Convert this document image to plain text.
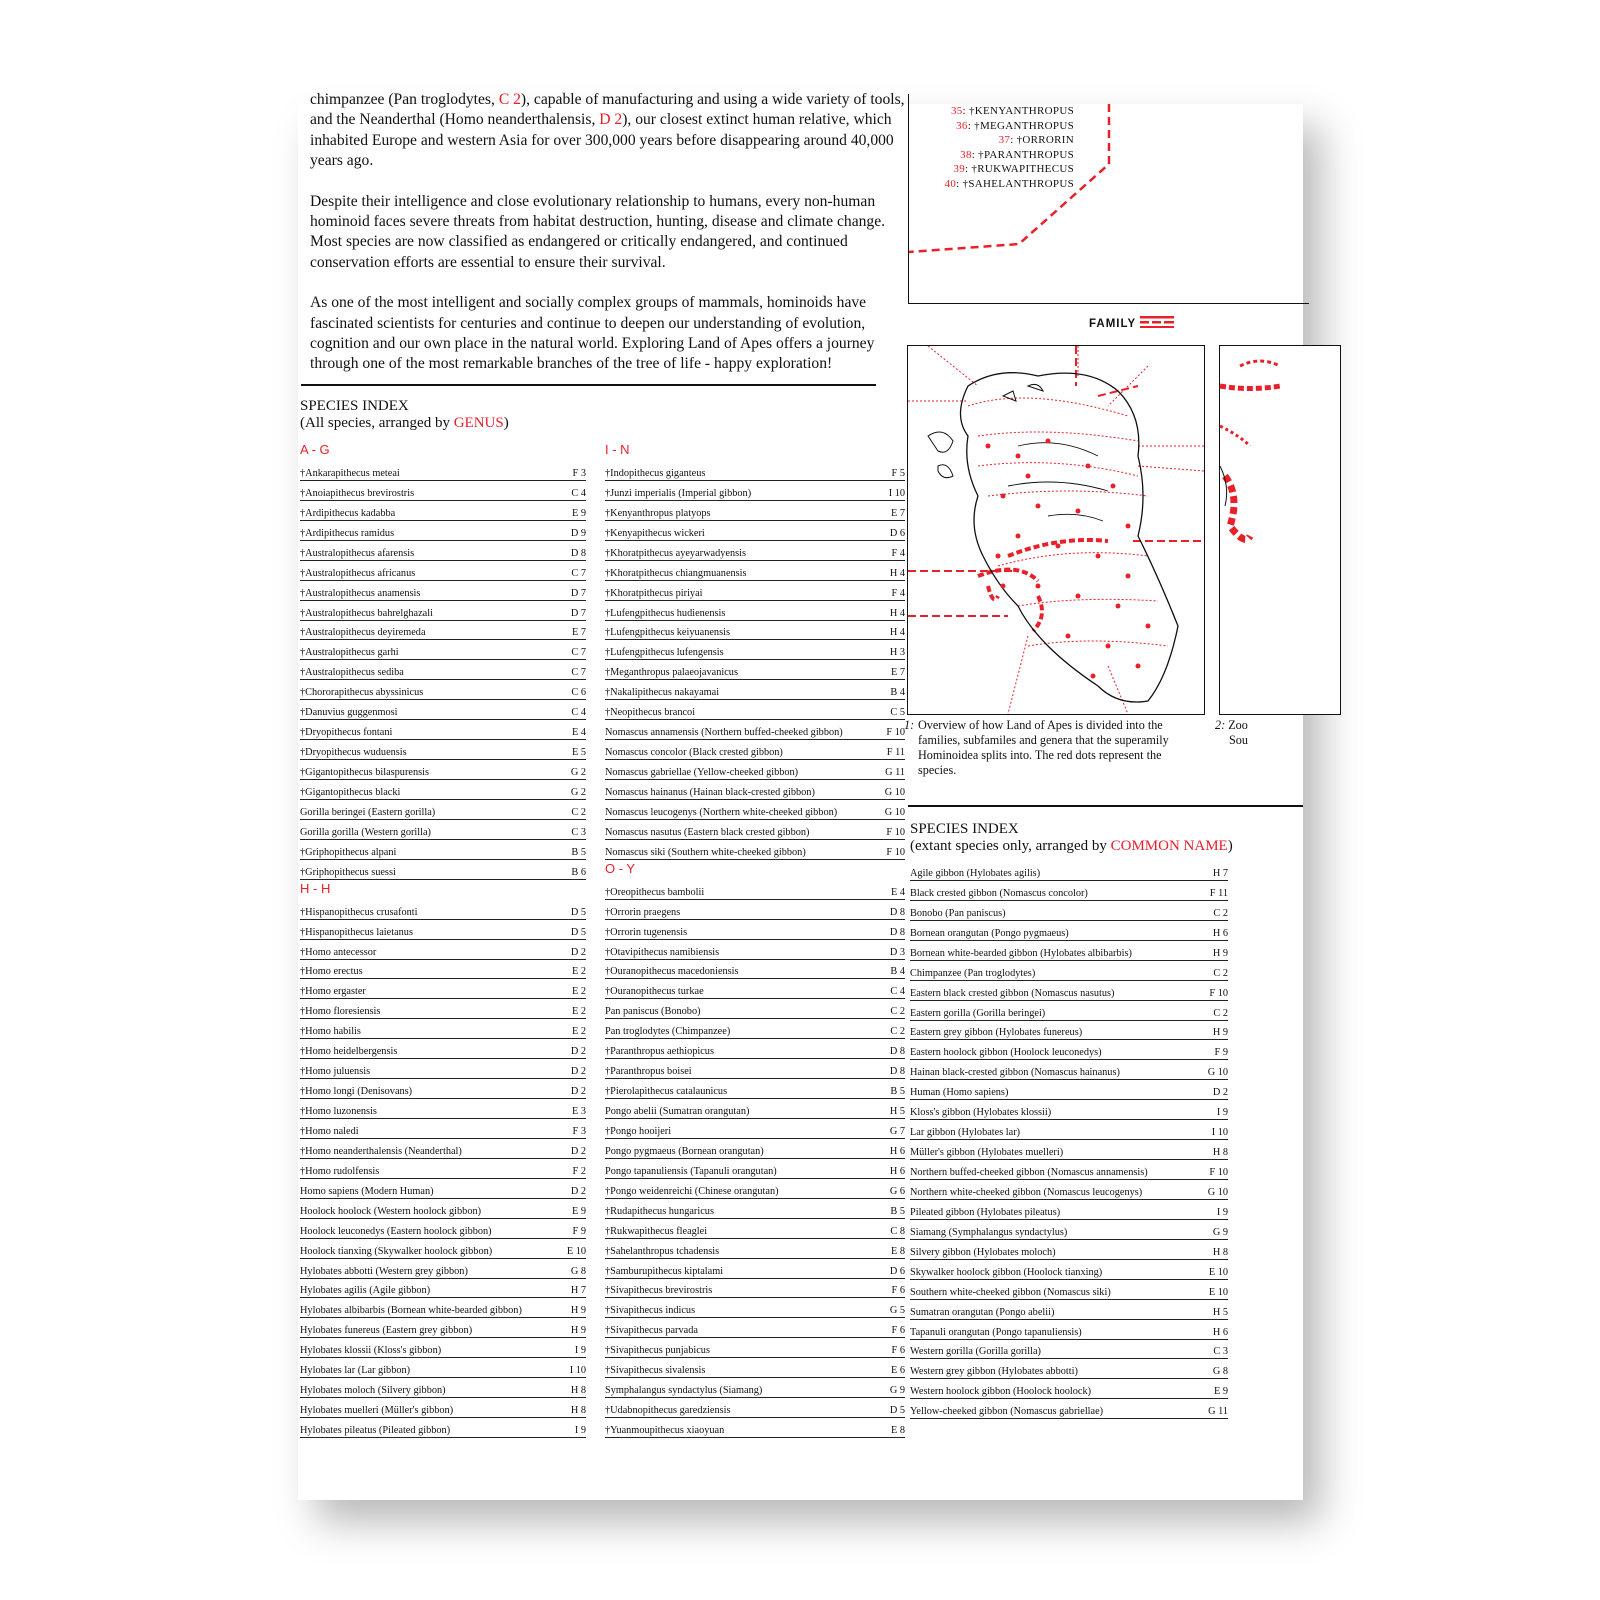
chimpanzee (Pan troglodytes, C 2), capable of manufacturing and using a wide variety of tools, and the Neanderthal (Homo neanderthalensis, D 2), our closest extinct human relative, which inhabited Europe and western Asia for over 300,000 years before disappearing around 40,000 years ago.

Despite their intelligence and close evolutionary relationship to humans, every non-human hominoid faces severe threats from habitat destruction, hunting, disease and climate change. Most species are now classified as endangered or critically endangered, and continued conservation efforts are essential to ensure their survival.

As one of the most intelligent and socially complex groups of mammals, hominoids have fascinated scientists for centuries and continue to deepen our understanding of evolution, cognition and our own place in the natural world. Exploring Land of Apes offers a journey through one of the most remarkable branches of the tree of life - happy exploration!

SPECIES INDEX
(All species, arranged by GENUS)
A - G
†Ankarapithecus meteai	F 3
†Anoiapithecus brevirostris	C 4
†Ardipithecus kadabba	E 9
†Ardipithecus ramidus	D 9
†Australopithecus afarensis	D 8
†Australopithecus africanus	C 7
†Australopithecus anamensis	D 7
†Australopithecus bahrelghazali	D 7
†Australopithecus deyiremeda	E 7
†Australopithecus garhi	C 7
†Australopithecus sediba	C 7
†Chororapithecus abyssinicus	C 6
†Danuvius guggenmosi	C 4
†Dryopithecus fontani	E 4
†Dryopithecus wuduensis	E 5
†Gigantopithecus bilaspurensis	G 2
†Gigantopithecus blacki	G 2
Gorilla beringei (Eastern gorilla)	C 2
Gorilla gorilla (Western gorilla)	C 3
†Griphopithecus alpani	B 5
†Griphopithecus suessi	B 6
H - H
†Hispanopithecus crusafonti	D 5
†Hispanopithecus laietanus	D 5
†Homo antecessor	D 2
†Homo erectus	E 2
†Homo ergaster	E 2
†Homo floresiensis	E 2
†Homo habilis	E 2
†Homo heidelbergensis	D 2
†Homo juluensis	D 2
†Homo longi (Denisovans)	D 2
†Homo luzonensis	E 3
†Homo naledi	F 3
†Homo neanderthalensis (Neanderthal)	D 2
†Homo rudolfensis	F 2
Homo sapiens (Modern Human)	D 2
Hoolock hoolock (Western hoolock gibbon)	E 9
Hoolock leuconedys (Eastern hoolock gibbon)	F 9
Hoolock tianxing (Skywalker hoolock gibbon)	E 10
Hylobates abbotti (Western grey gibbon)	G 8
Hylobates agilis (Agile gibbon)	H 7
Hylobates albibarbis (Bornean white-bearded gibbon)	H 9
Hylobates funereus (Eastern grey gibbon)	H 9
Hylobates klossii (Kloss's gibbon)	I 9
Hylobates lar (Lar gibbon)	I 10
Hylobates moloch (Silvery gibbon)	H 8
Hylobates muelleri (Müller's gibbon)	H 8
Hylobates pileatus (Pileated gibbon)	I 9
I - N
†Indopithecus giganteus	F 5
†Junzi imperialis (Imperial gibbon)	I 10
†Kenyanthropus platyops	E 7
†Kenyapithecus wickeri	D 6
†Khoratpithecus ayeyarwadyensis	F 4
†Khoratpithecus chiangmuanensis	H 4
†Khoratpithecus piriyai	F 4
†Lufengpithecus hudienensis	H 4
†Lufengpithecus keiyuanensis	H 4
†Lufengpithecus lufengensis	H 3
†Meganthropus palaeojavanicus	E 7
†Nakalipithecus nakayamai	B 4
†Neopithecus brancoi	C 5
Nomascus annamensis (Northern buffed-cheeked gibbon)	F 10
Nomascus concolor (Black crested gibbon)	F 11
Nomascus gabriellae (Yellow-cheeked gibbon)	G 11
Nomascus hainanus (Hainan black-crested gibbon)	G 10
Nomascus leucogenys (Northern white-cheeked gibbon)	G 10
Nomascus nasutus (Eastern black crested gibbon)	F 10
Nomascus siki (Southern white-cheeked gibbon)	F 10
O - Y
†Oreopithecus bambolii	E 4
†Orrorin praegens	D 8
†Orrorin tugenensis	D 8
†Otavipithecus namibiensis	D 3
†Ouranopithecus macedoniensis	B 4
†Ouranopithecus turkae	C 4
Pan paniscus (Bonobo)	C 2
Pan troglodytes (Chimpanzee)	C 2
†Paranthropus aethiopicus	D 8
†Paranthropus boisei	D 8
†Pierolapithecus catalaunicus	B 5
Pongo abelii (Sumatran orangutan)	H 5
†Pongo hooijeri	G 7
Pongo pygmaeus (Bornean orangutan)	H 6
Pongo tapanuliensis (Tapanuli orangutan)	H 6
†Pongo weidenreichi (Chinese orangutan)	G 6
†Rudapithecus hungaricus	B 5
†Rukwapithecus fleaglei	C 8
†Sahelanthropus tchadensis	E 8
†Samburupithecus kiptalami	D 6
†Sivapithecus brevirostris	F 6
†Sivapithecus indicus	G 5
†Sivapithecus parvada	F 6
†Sivapithecus punjabicus	F 6
†Sivapithecus sivalensis	E 6
Symphalangus syndactylus (Siamang)	G 9
†Udabnopithecus garedziensis	D 5
†Yuanmoupithecus xiaoyuan	E 8
35: †KENYANTHROPUS
36: †MEGANTHROPUS
37: †ORRORIN
38: †PARANTHROPUS
39: †RUKWAPITHECUS
40: †SAHELANTHROPUS
FAMILY
1: Overview of how Land of Apes is divided into the families, subfamiles and genera that the superamily Hominoidea splits into. The red dots represent the species.
2: Zoo
Sou
SPECIES INDEX
(extant species only, arranged by COMMON NAME)
Agile gibbon (Hylobates agilis)	H 7
Black crested gibbon (Nomascus concolor)	F 11
Bonobo (Pan paniscus)	C 2
Bornean orangutan (Pongo pygmaeus)	H 6
Bornean white-bearded gibbon (Hylobates albibarbis)	H 9
Chimpanzee (Pan troglodytes)	C 2
Eastern black crested gibbon (Nomascus nasutus)	F 10
Eastern gorilla (Gorilla beringei)	C 2
Eastern grey gibbon (Hylobates funereus)	H 9
Eastern hoolock gibbon (Hoolock leuconedys)	F 9
Hainan black-crested gibbon (Nomascus hainanus)	G 10
Human (Homo sapiens)	D 2
Kloss's gibbon (Hylobates klossii)	I 9
Lar gibbon (Hylobates lar)	I 10
Müller's gibbon (Hylobates muelleri)	H 8
Northern buffed-cheeked gibbon (Nomascus annamensis)	F 10
Northern white-cheeked gibbon (Nomascus leucogenys)	G 10
Pileated gibbon (Hylobates pileatus)	I 9
Siamang (Symphalangus syndactylus)	G 9
Silvery gibbon (Hylobates moloch)	H 8
Skywalker hoolock gibbon (Hoolock tianxing)	E 10
Southern white-cheeked gibbon (Nomascus siki)	E 10
Sumatran orangutan (Pongo abelii)	H 5
Tapanuli orangutan (Pongo tapanuliensis)	H 6
Western gorilla (Gorilla gorilla)	C 3
Western grey gibbon (Hylobates abbotti)	G 8
Western hoolock gibbon (Hoolock hoolock)	E 9
Yellow-cheeked gibbon (Nomascus gabriellae)	G 11
